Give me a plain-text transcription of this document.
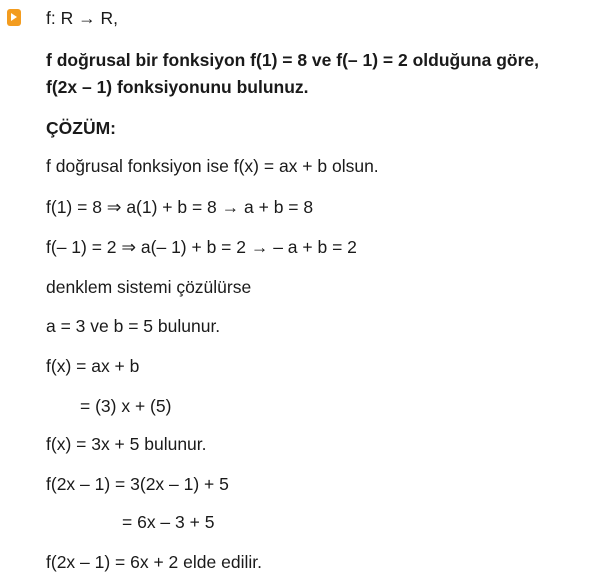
f: R → R,
f doğrusal bir fonksiyon f(1) = 8 ve f(– 1) = 2 olduğuna göre,
f(2x – 1) fonksiyonunu bulunuz.
ÇÖZÜM:
f doğrusal fonksiyon ise f(x) = ax + b olsun.
f(1) = 8 ⇒ a(1) + b = 8 → a + b = 8
f(– 1) = 2 ⇒ a(– 1) + b = 2 → – a + b = 2
denklem sistemi çözülürse
a = 3 ve b = 5 bulunur.
f(x) = ax + b
= (3) x + (5)
f(x) = 3x + 5 bulunur.
f(2x – 1) = 3(2x – 1) + 5
= 6x – 3 + 5
f(2x – 1) = 6x + 2 elde edilir.
